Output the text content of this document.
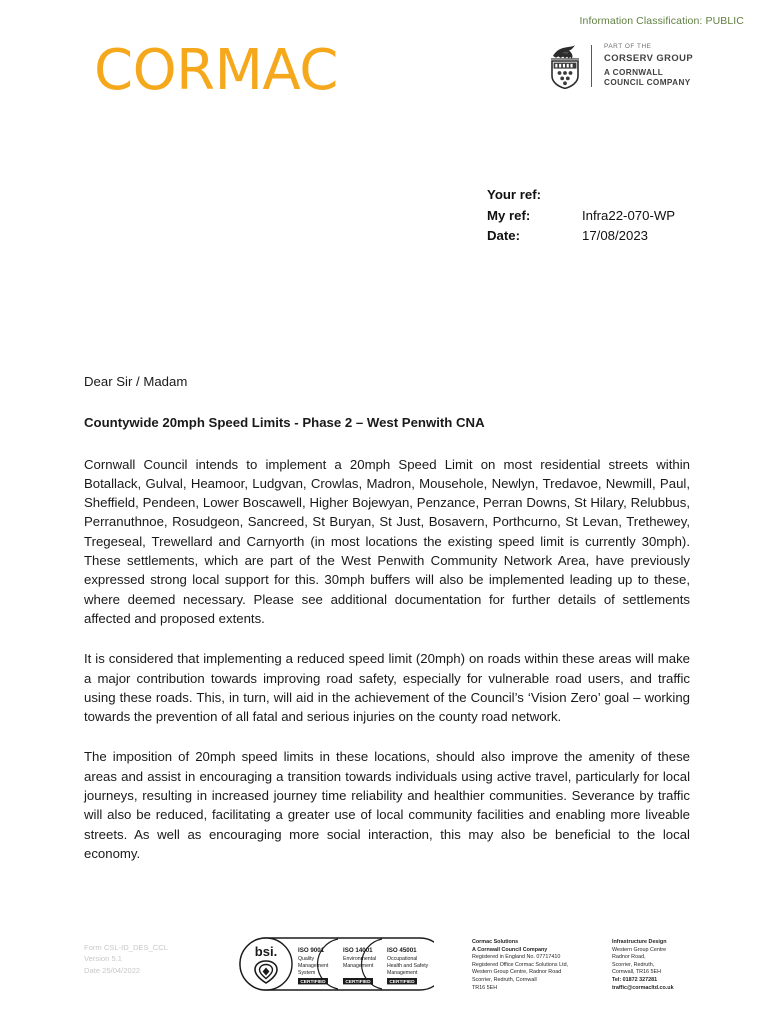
Information Classification: PUBLIC
CORMAC	PART OF THE
CORSERV GROUP
A CORNWALL
COUNCIL COMPANY
Your ref:
My ref:	Infra22-070-WP
Date:	17/08/2023
Dear Sir / Madam
Countywide 20mph Speed Limits - Phase 2 – West Penwith CNA
Cornwall Council intends to implement a 20mph Speed Limit on most residential streets within Botallack, Gulval, Heamoor, Ludgvan, Crowlas, Madron, Mousehole, Newlyn, Tredavoe, Newmill, Paul, Sheffield, Pendeen, Lower Boscawell, Higher Bojewyan, Penzance, Perran Downs, St Hilary, Relubbus, Perranuthnoe, Rosudgeon, Sancreed, St Buryan, St Just, Bosavern, Porthcurno, St Levan, Trethewey, Tregeseal, Trewellard and Carnyorth (in most locations the existing speed limit is currently 30mph). These settlements, which are part of the West Penwith Community Network Area, have previously expressed strong local support for this. 30mph buffers will also be implemented leading up to these, where deemed necessary. Please see additional documentation for further details of settlements affected and proposed extents.
It is considered that implementing a reduced speed limit (20mph) on roads within these areas will make a major contribution towards improving road safety, especially for vulnerable road users, and traffic using these roads. This, in turn, will aid in the achievement of the Council’s ‘Vision Zero’ goal – working towards the prevention of all fatal and serious injuries on the county road network.
The imposition of 20mph speed limits in these locations, should also improve the amenity of these areas and assist in encouraging a transition towards individuals using active travel, particularly for local journeys, resulting in increased journey time reliability and healthier communities. Severance by traffic will also be reduced, facilitating a greater use of local community facilities and enabling more liveable streets. As well as encouraging more social interaction, this may also be beneficial to the local economy.
Form CSL-ID_DES_CCL
Version 5.1
Date 25/04/2022
bsi.	ISO 9001
Quality
Management
System
CERTIFIED
ISO 14001
Environmental
Management
CERTIFIED
ISO 45001
Occupational
Health and Safety
Management
CERTIFIED
Cormac Solutions
A Cornwall Council Company
Registered in England No. 07717410
Registered Office Cormac Solutions Ltd,
Western Group Centre, Radnor Road
Scorrier, Redruth, Cornwall
TR16 5EH
Infrastructure Design
Western Group Centre
Radnor Road,
Scorrier, Redruth,
Cornwall, TR16 5EH
Tel: 01872 327281
traffic@cormacltd.co.uk
